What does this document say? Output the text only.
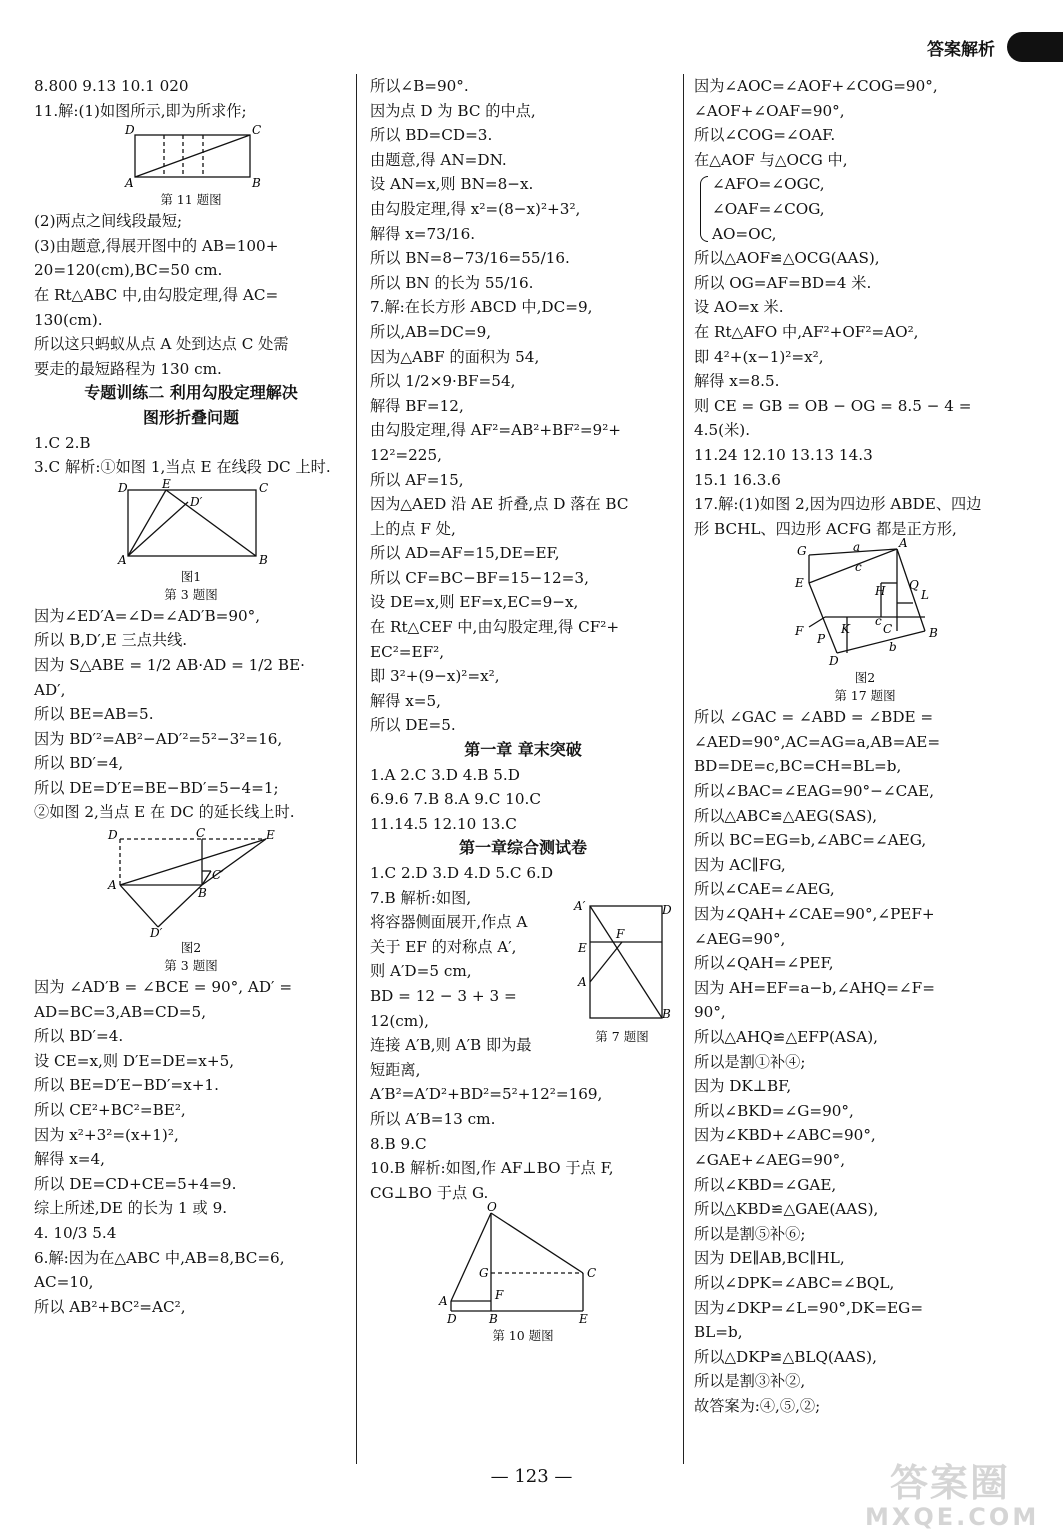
答案解析
8.800 9.13 10.1 020
11.解:(1)如图所示,即为所求作;
D	C
A	B
第 11 题图
(2)两点之间线段最短;
(3)由题意,得展开图中的 AB=100+
20=120(cm),BC=50 cm.
在 Rt△ABC 中,由勾股定理,得 AC=
130(cm).
所以这只蚂蚁从点 A 处到达点 C 处需
要走的最短路程为 130 cm.
专题训练二 利用勾股定理解决
图形折叠问题
1.C 2.B
3.C 解析:①如图 1,当点 E 在线段 DC 上时.
D	E	C
D′
A	B
图1
第 3 题图
因为∠ED′A=∠D=∠AD′B=90°,
所以 B,D′,E 三点共线.
因为 S△ABE = 1/2 AB·AD = 1/2 BE·
AD′,
所以 BE=AB=5.
因为 BD′²=AB²−AD′²=5²−3²=16,
所以 BD′=4,
所以 DE=D′E=BE−BD′=5−4=1;
②如图 2,当点 E 在 DC 的延长线上时.
D	C	E
C′
A
B
D′
图2
第 3 题图
因为 ∠AD′B = ∠BCE = 90°, AD′ =
AD=BC=3,AB=CD=5,
所以 BD′=4.
设 CE=x,则 D′E=DE=x+5,
所以 BE=D′E−BD′=x+1.
所以 CE²+BC²=BE²,
因为 x²+3²=(x+1)²,
解得 x=4,
所以 DE=CD+CE=5+4=9.
综上所述,DE 的长为 1 或 9.
4. 10/3 5.4
6.解:因为在△ABC 中,AB=8,BC=6,
AC=10,
所以 AB²+BC²=AC²,
所以∠B=90°.
因为点 D 为 BC 的中点,
所以 BD=CD=3.
由题意,得 AN=DN.
设 AN=x,则 BN=8−x.
由勾股定理,得 x²=(8−x)²+3²,
解得 x=73/16.
所以 BN=8−73/16=55/16.
所以 BN 的长为 55/16.
7.解:在长方形 ABCD 中,DC=9,
所以,AB=DC=9,
因为△ABF 的面积为 54,
所以 1/2×9·BF=54,
解得 BF=12,
由勾股定理,得 AF²=AB²+BF²=9²+
12²=225,
所以 AF=15,
因为△AED 沿 AE 折叠,点 D 落在 BC
上的点 F 处,
所以 AD=AF=15,DE=EF,
所以 CF=BC−BF=15−12=3,
设 DE=x,则 EF=x,EC=9−x,
在 Rt△CEF 中,由勾股定理,得 CF²+
EC²=EF²,
即 3²+(9−x)²=x²,
解得 x=5,
所以 DE=5.
第一章 章末突破
1.A 2.C 3.D 4.B 5.D
6.9.6 7.B 8.A 9.C 10.C
11.14.5 12.10 13.C
第一章综合测试卷
1.C 2.D 3.D 4.D 5.C 6.D
7.B 解析:如图,	A′	D
F
E
A
B
第 7 题图
将容器侧面展开,作点 A
关于 EF 的对称点 A′,
则 A′D=5 cm,
BD = 12 − 3 + 3 =
12(cm),
连接 A′B,则 A′B 即为最
短距离,
A′B²=A′D²+BD²=5²+12²=169,
所以 A′B=13 cm.
8.B 9.C
10.B 解析:如图,作 AF⊥BO 于点 F,
CG⊥BO 于点 G.
O
G	C
A	F
D	B	E
第 10 题图
因为∠AOC=∠AOF+∠COG=90°,
∠AOF+∠OAF=90°,
所以∠COG=∠OAF.
在△AOF 与△OCG 中,
∠AFO=∠OGC,
∠OAF=∠COG,
AO=OC,
所以△AOF≌△OCG(AAS),
所以 OG=AF=BD=4 米.
设 AO=x 米.
在 Rt△AFO 中,AF²+OF²=AO²,
即 4²+(x−1)²=x²,
解得 x=8.5.
则 CE = GB = OB − OG = 8.5 − 4 =
4.5(米).
11.24 12.10 13.13 14.3
15.1 16.3.6
17.解:(1)如图 2,因为四边形 ABDE、四边
形 BCHL、四边形 ACFG 都是正方形,
G	a	A
E
c
H Q
L
F	K	C
b
P	B
D
c
图2
第 17 题图
所以 ∠GAC = ∠ABD = ∠BDE =
∠AED=90°,AC=AG=a,AB=AE=
BD=DE=c,BC=CH=BL=b,
所以∠BAC=∠EAG=90°−∠CAE,
所以△ABC≌△AEG(SAS),
所以 BC=EG=b,∠ABC=∠AEG,
因为 AC∥FG,
所以∠CAE=∠AEG,
因为∠QAH+∠CAE=90°,∠PEF+
∠AEG=90°,
所以∠QAH=∠PEF,
因为 AH=EF=a−b,∠AHQ=∠F=
90°,
所以△AHQ≌△EFP(ASA),
所以是割①补④;
因为 DK⊥BF,
所以∠BKD=∠G=90°,
因为∠KBD+∠ABC=90°,
∠GAE+∠AEG=90°,
所以∠KBD=∠GAE,
所以△KBD≌△GAE(AAS),
所以是割⑤补⑥;
因为 DE∥AB,BC∥HL,
所以∠DPK=∠ABC=∠BQL,
因为∠DKP=∠L=90°,DK=EG=
BL=b,
所以△DKP≌△BLQ(AAS),
所以是割③补②,
故答案为:④,⑤,②;
— 123 —	答案圈
MXQE.COM
